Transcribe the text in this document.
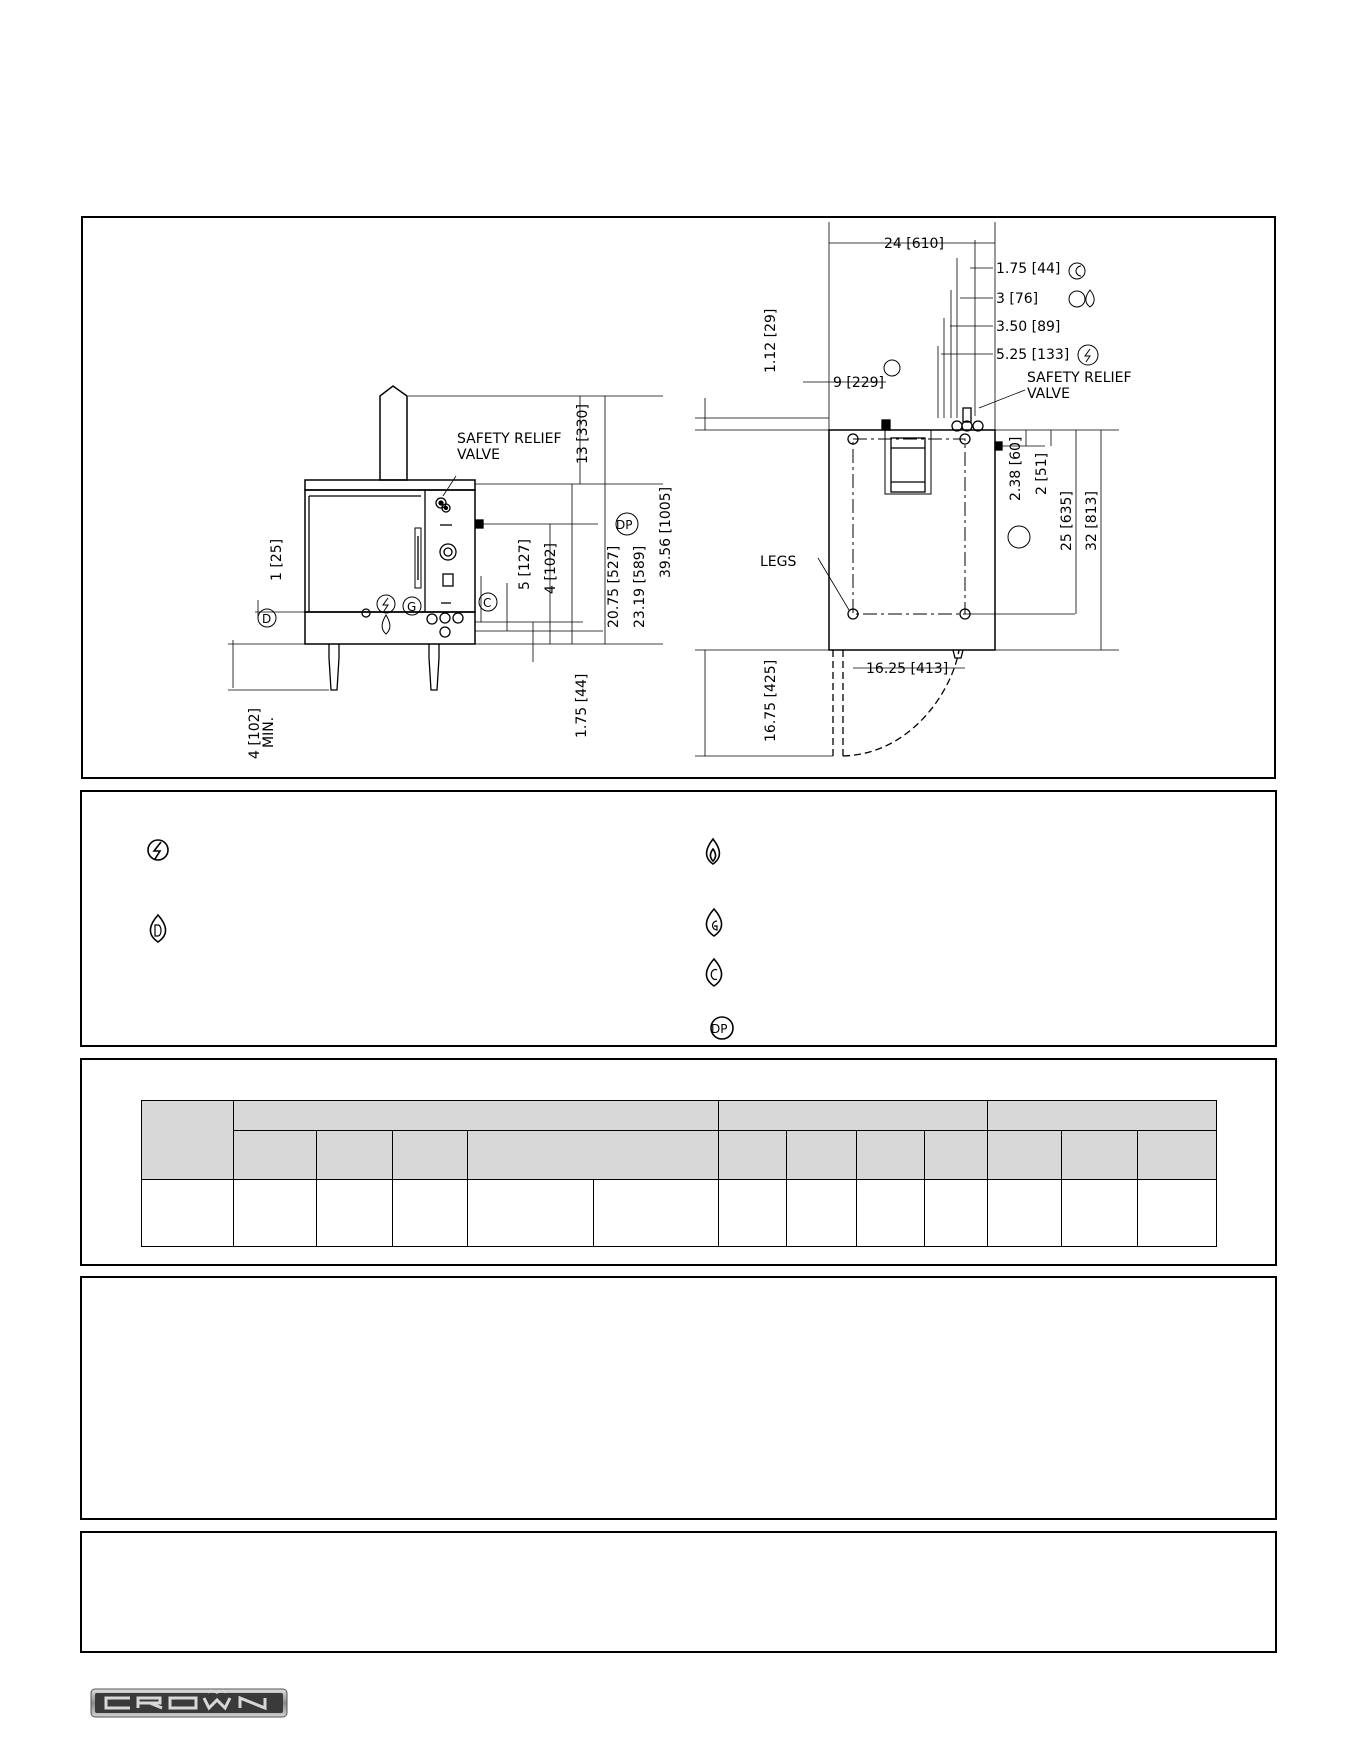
SAFETY RELIEF
VALVE	13 [330]
39.56 [1005]
20.75 [527] 23.19 [589]
5 [127] 4 [102]
1.75 [44]
1 [25]
4 [102]
MIN.
G	C
D
DP
SAFETY RELIEF
VALVE
LEGS
24 [610]
1.75 [44]
3 [76]
3.50 [89]
5.25 [133]
9 [229]
1.12 [29]
2.38 [60] 2 [51]
25 [635] 32 [813]
16.25 [413]
16.75 [425]
DP
